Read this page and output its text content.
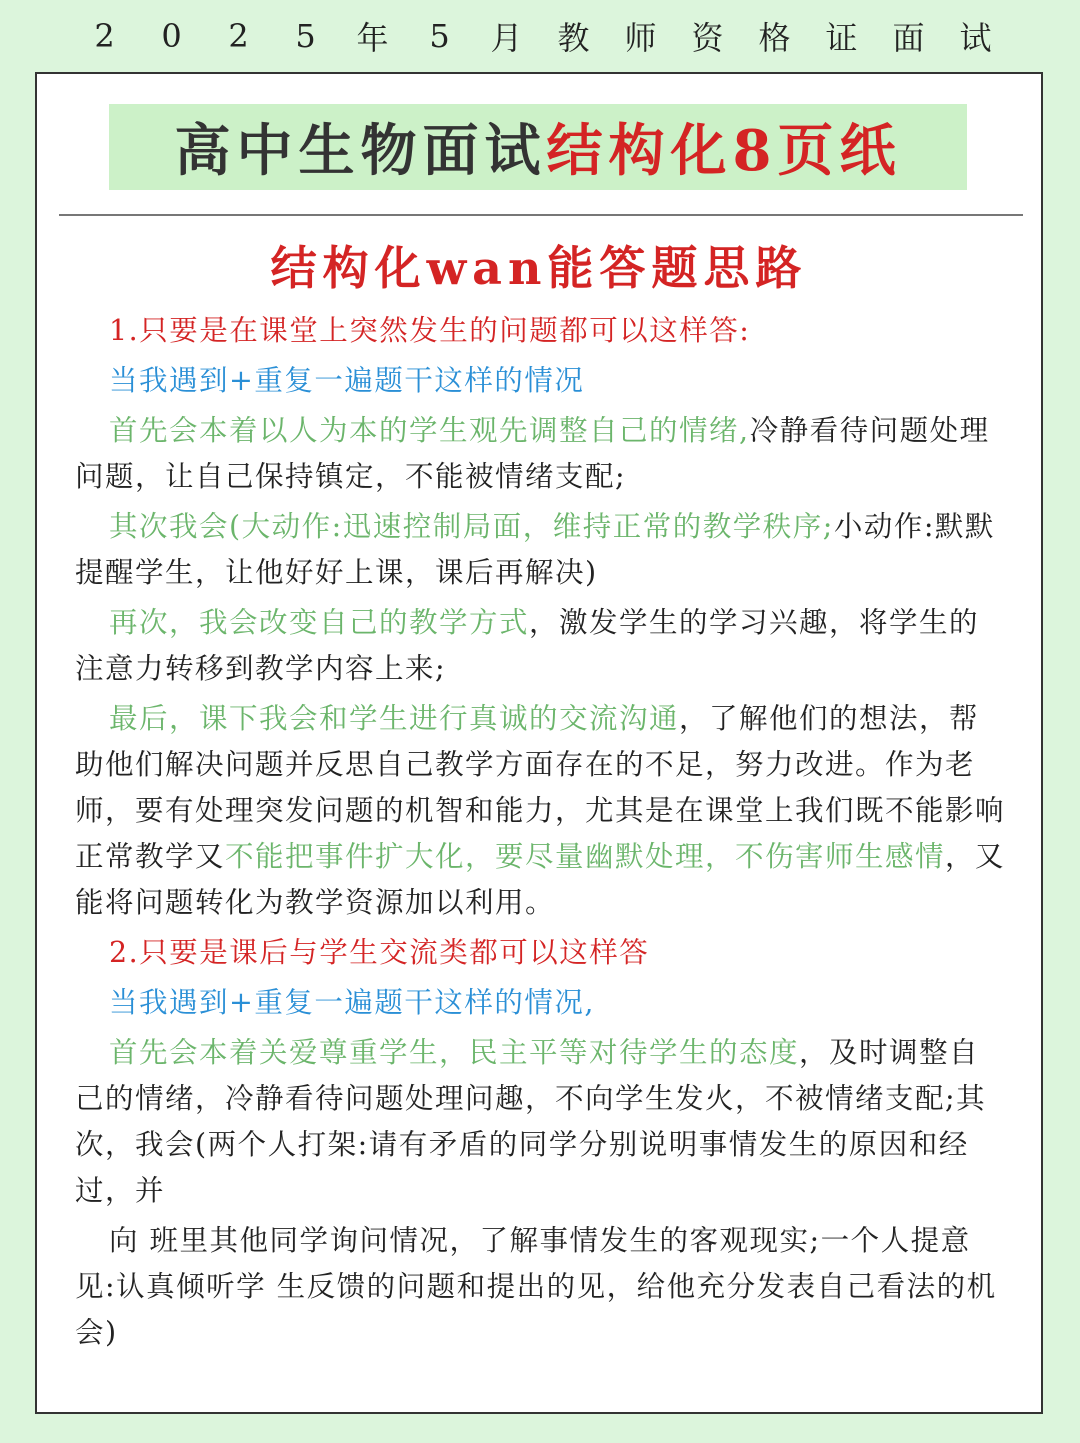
2	0	2	5	年	5	月	教	师	资	格	证	面	试
高中生物面试 结构化8页纸
结构化wan能答题思路

1.只要是在课堂上突然发生的问题都可以这样答:

当我遇到+重复一遍题干这样的情况

首先会本着以人为本的学生观先调整自己的情绪,冷静看待问题处理问题，让自己保持镇定，不能被情绪支配;

其次我会(大动作:迅速控制局面，维持正常的教学秩序;小动作:默默提醒学生，让他好好上课，课后再解决)

再次，我会改变自己的教学方式，激发学生的学习兴趣，将学生的注意力转移到教学内容上来;

最后，课下我会和学生进行真诚的交流沟通，了解他们的想法，帮助他们解决问题并反思自己教学方面存在的不足，努力改进。作为老师，要有处理突发问题的机智和能力，尤其是在课堂上我们既不能影响正常教学又不能把事件扩大化，要尽量幽默处理，不伤害师生感情，又能将问题转化为教学资源加以利用。

2.只要是课后与学生交流类都可以这样答

当我遇到+重复一遍题干这样的情况,

首先会本着关爱尊重学生，民主平等对待学生的态度，及时调整自己的情绪，冷静看待问题处理问趣，不向学生发火，不被情绪支配;其次，我会(两个人打架:请有矛盾的同学分别说明事情发生的原因和经过，并

向 班里其他同学询问情况，了解事情发生的客观现实;一个人提意见:认真倾听学 生反馈的问题和提出的见，给他充分发表自己看法的机会)
